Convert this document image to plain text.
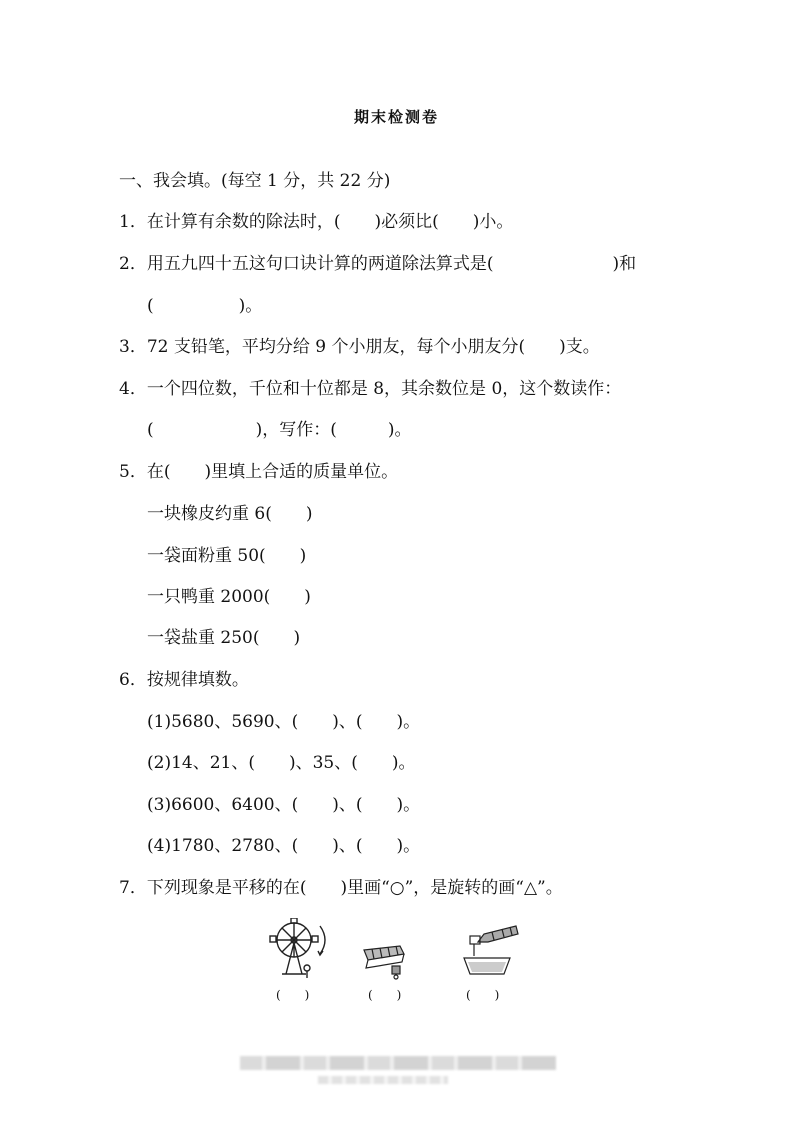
期末检测卷
一、我会填。(每空 1 分，共 22 分)
1．在计算有余数的除法时，(　　)必须比(　　)小。
2．用五九四十五这句口诀计算的两道除法算式是(　　　　　　　)和
(　　　　　)。
3．72 支铅笔，平均分给 9 个小朋友，每个小朋友分(　　)支。
4．一个四位数，千位和十位都是 8，其余数位是 0，这个数读作：
(　　　　　　)，写作：(　　　)。
5．在(　　)里填上合适的质量单位。
一块橡皮约重 6(　　)
一袋面粉重 50(　　)
一只鸭重 2000(　　)
一袋盐重 250(　　)
6．按规律填数。
(1)5680、5690、(　　)、(　　)。
(2)14、21、(　　)、35、(　　)。
(3)6600、6400、(　　)、(　　)。
(4)1780、2780、(　　)、(　　)。
7．下列现象是平移的在(　　)里画“○”，是旋转的画“△”。
(　　)	(　　)	(　　)
